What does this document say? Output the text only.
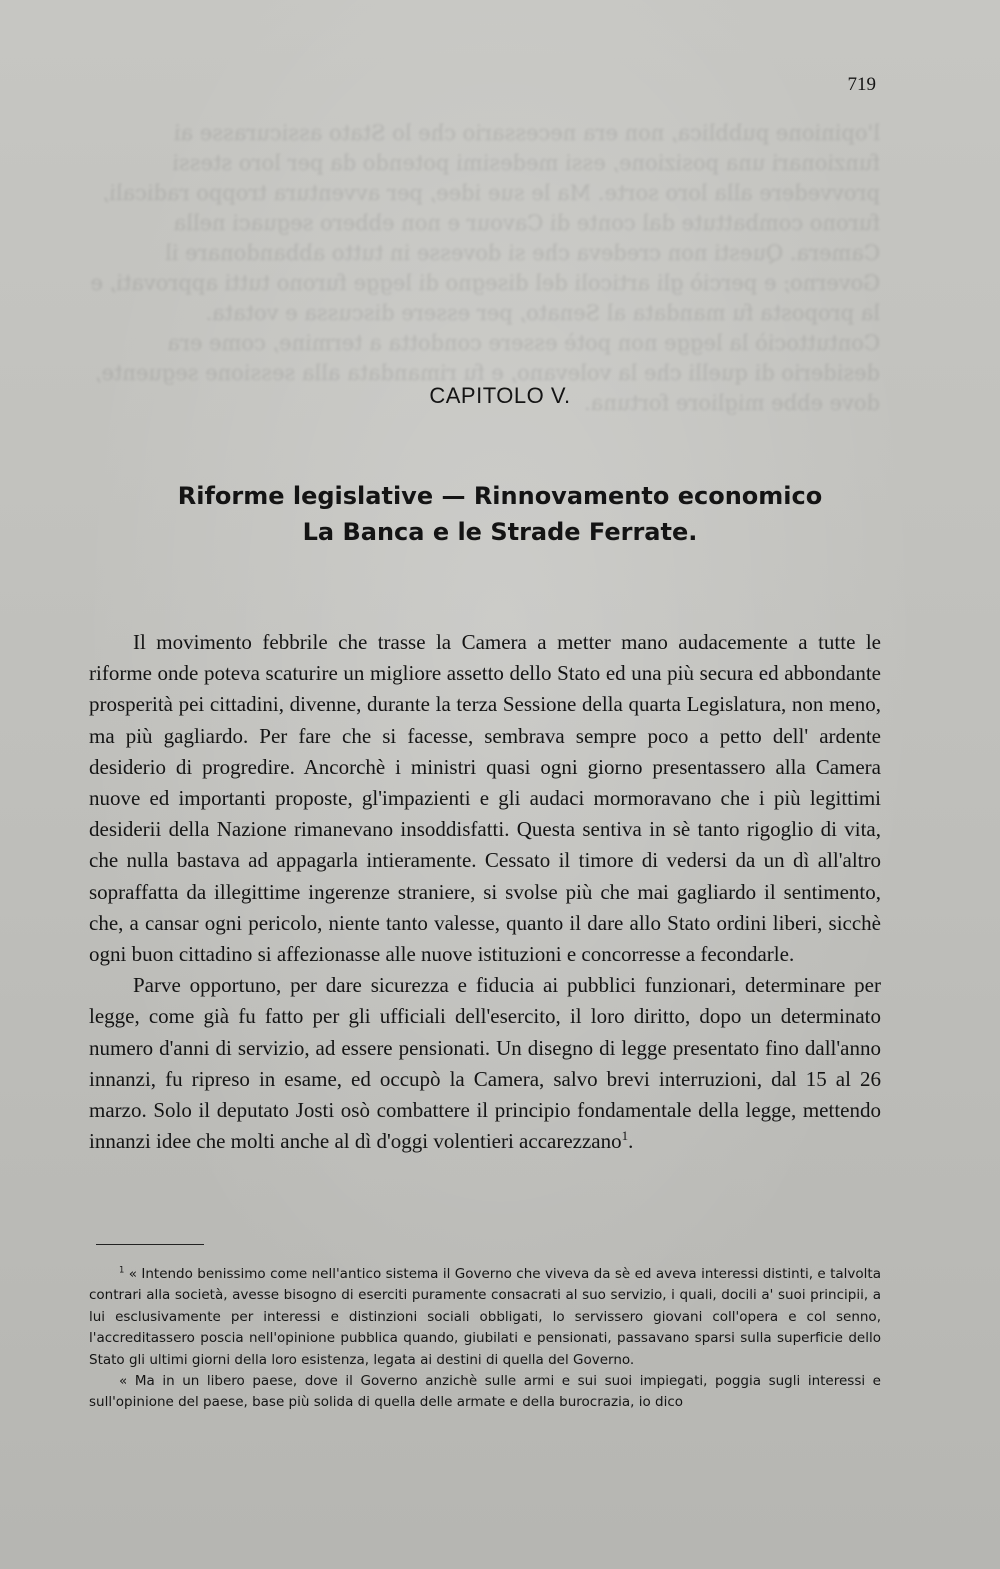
l'opinione pubblica, non era necessario che lo Stato assicurasse ai funzionari una posizione, essi medesimi potendo da per loro stessi provvedere alla loro sorte. Ma le sue idee, per avventura troppo radicali, furono combattute dal conte di Cavour e non ebbero seguaci nella Camera. Questi non credeva che si dovesse in tutto abbandonare il Governo; e perciò gli articoli del disegno di legge furono tutti approvati, e la proposta fu mandata al Senato, per essere discussa e votata. Contuttociò la legge non potè essere condotta a termine, come era desiderio di quelli che la volevano, e fu rimandata alla sessione seguente, dove ebbe migliore fortuna.
719
CAPITOLO V.
Riforme legislative — Rinnovamento economico
La Banca e le Strade Ferrate.

Il movimento febbrile che trasse la Camera a metter mano audacemente a tutte le riforme onde poteva scaturire un migliore assetto dello Stato ed una più secura ed abbondante prosperità pei cittadini, divenne, durante la terza Sessione della quarta Legislatura, non meno, ma più gagliardo. Per fare che si facesse, sembrava sempre poco a petto dell' ardente desiderio di progredire. Ancorchè i ministri quasi ogni giorno presentassero alla Camera nuove ed importanti proposte, gl'impazienti e gli audaci mormoravano che i più legittimi desiderii della Nazione rimanevano insoddisfatti. Questa sentiva in sè tanto rigoglio di vita, che nulla bastava ad appagarla intieramente. Cessato il timore di vedersi da un dì all'altro sopraffatta da illegittime ingerenze straniere, si svolse più che mai gagliardo il sentimento, che, a cansar ogni pericolo, niente tanto valesse, quanto il dare allo Stato ordini liberi, sicchè ogni buon cittadino si affezionasse alle nuove istituzioni e concorresse a fecondarle.

Parve opportuno, per dare sicurezza e fiducia ai pubblici funzionari, determinare per legge, come già fu fatto per gli ufficiali dell'esercito, il loro diritto, dopo un determinato numero d'anni di servizio, ad essere pensionati. Un disegno di legge presentato fino dall'anno innanzi, fu ripreso in esame, ed occupò la Camera, salvo brevi interruzioni, dal 15 al 26 marzo. Solo il deputato Josti osò combattere il principio fondamentale della legge, mettendo innanzi idee che molti anche al dì d'oggi volentieri accarezzano$^1$.

$^1$ « Intendo benissimo come nell'antico sistema il Governo che viveva da sè ed aveva interessi distinti, e talvolta contrari alla società, avesse bisogno di eserciti puramente consacrati al suo servizio, i quali, docili a' suoi principii, a lui esclusivamente per interessi e distinzioni sociali obbligati, lo servissero giovani coll'opera e col senno, l'accreditassero poscia nell'opinione pubblica quando, giubilati e pensionati, passavano sparsi sulla superficie dello Stato gli ultimi giorni della loro esistenza, legata ai destini di quella del Governo.

« Ma in un libero paese, dove il Governo anzichè sulle armi e sui suoi impiegati, poggia sugli interessi e sull'opinione del paese, base più solida di quella delle armate e della burocrazia, io dico
